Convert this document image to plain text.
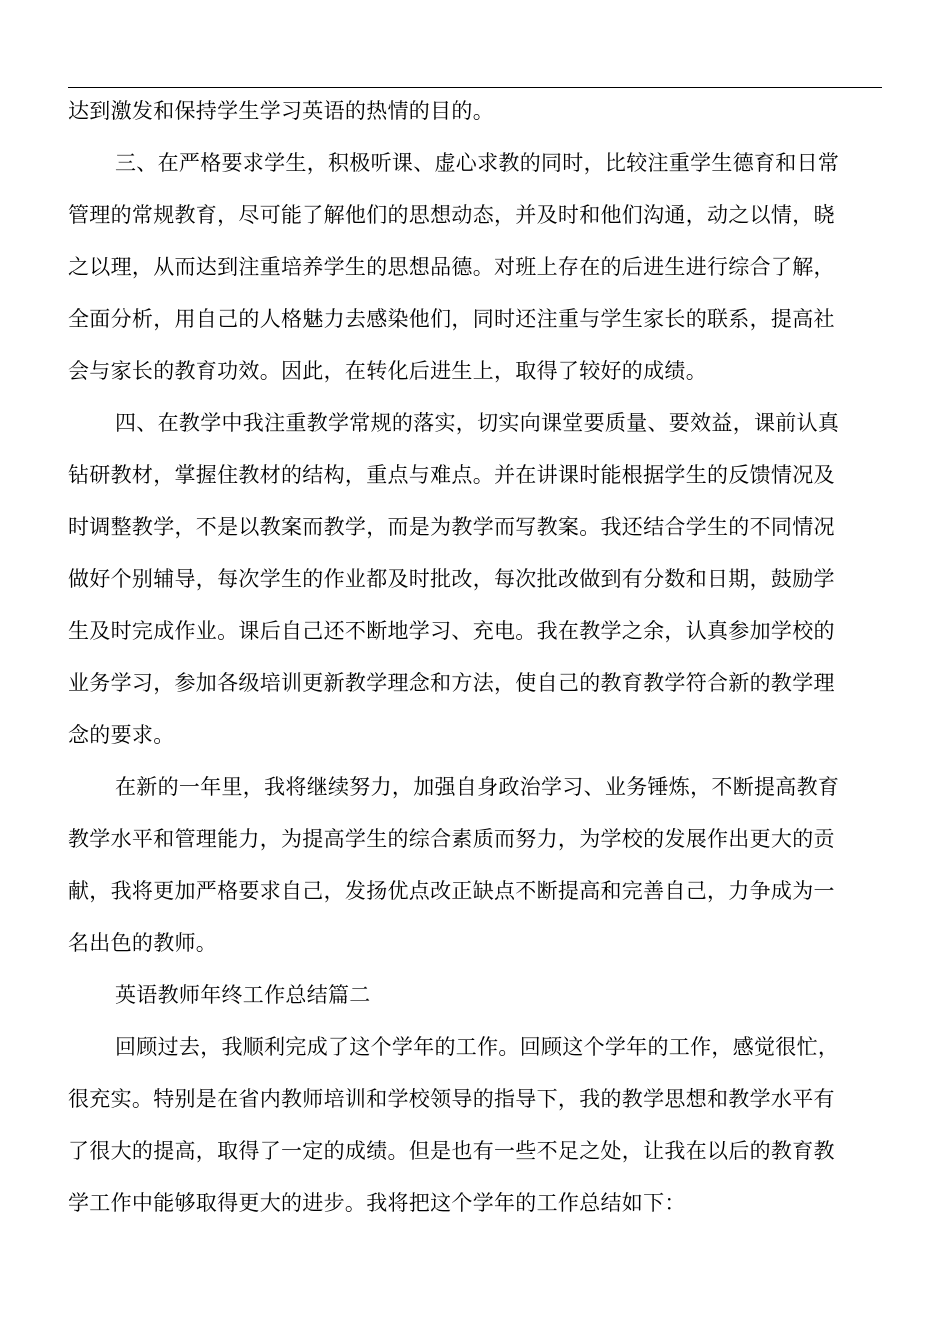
达到激发和保持学生学习英语的热情的目的。
三、在严格要求学生，积极听课、虚心求教的同时，比较注重学生德育和日常
管理的常规教育，尽可能了解他们的思想动态，并及时和他们沟通，动之以情，晓
之以理，从而达到注重培养学生的思想品德。对班上存在的后进生进行综合了解，
全面分析，用自己的人格魅力去感染他们，同时还注重与学生家长的联系，提高社
会与家长的教育功效。因此，在转化后进生上，取得了较好的成绩。
四、在教学中我注重教学常规的落实，切实向课堂要质量、要效益，课前认真
钻研教材，掌握住教材的结构，重点与难点。并在讲课时能根据学生的反馈情况及
时调整教学，不是以教案而教学，而是为教学而写教案。我还结合学生的不同情况
做好个别辅导，每次学生的作业都及时批改，每次批改做到有分数和日期，鼓励学
生及时完成作业。课后自己还不断地学习、充电。我在教学之余，认真参加学校的
业务学习，参加各级培训更新教学理念和方法，使自己的教育教学符合新的教学理
念的要求。
在新的一年里，我将继续努力，加强自身政治学习、业务锤炼，不断提高教育
教学水平和管理能力，为提高学生的综合素质而努力，为学校的发展作出更大的贡
献，我将更加严格要求自己，发扬优点改正缺点不断提高和完善自己，力争成为一
名出色的教师。
英语教师年终工作总结篇二
回顾过去，我顺利完成了这个学年的工作。回顾这个学年的工作，感觉很忙，
很充实。特别是在省内教师培训和学校领导的指导下，我的教学思想和教学水平有
了很大的提高，取得了一定的成绩。但是也有一些不足之处，让我在以后的教育教
学工作中能够取得更大的进步。我将把这个学年的工作总结如下：
